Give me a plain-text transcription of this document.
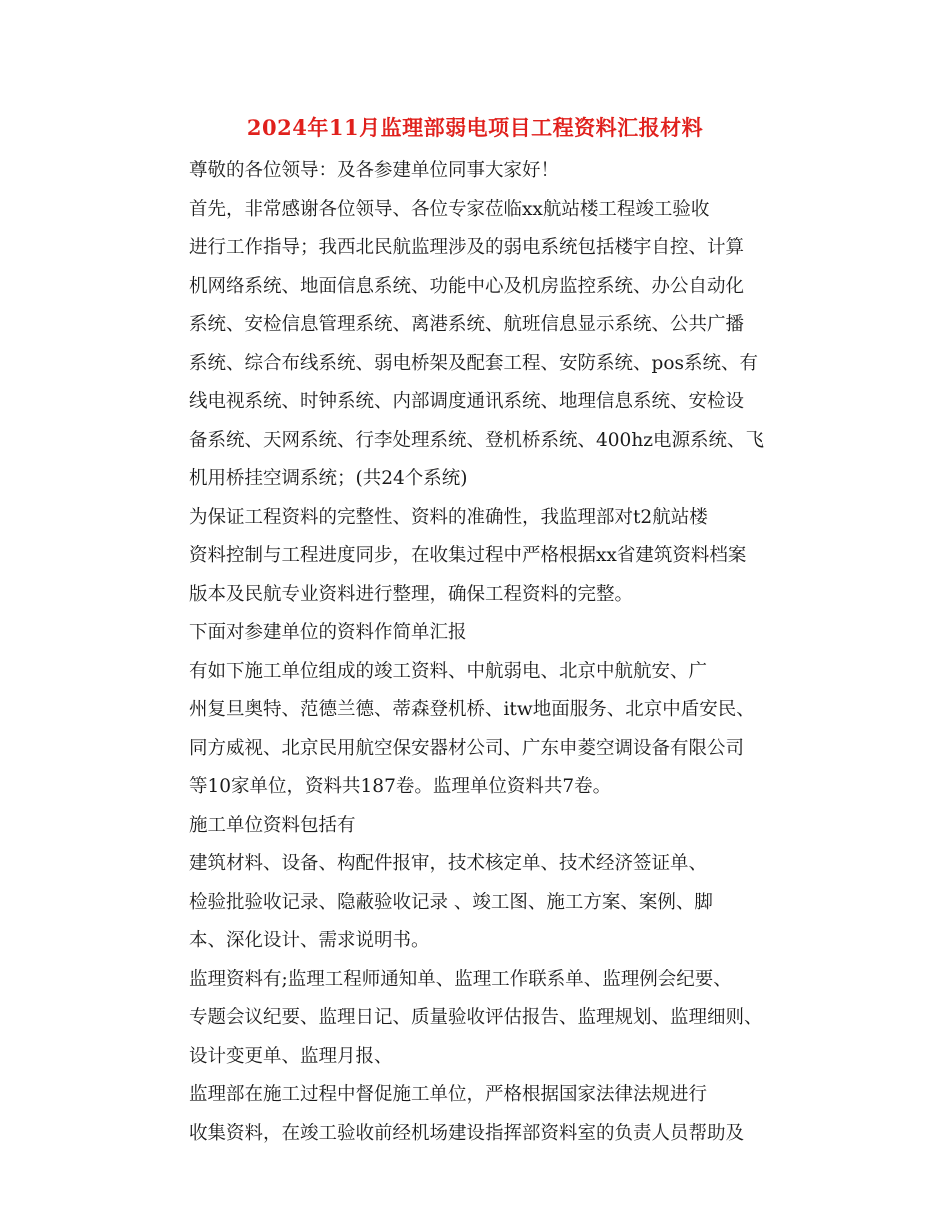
2024年11月监理部弱电项目工程资料汇报材料

尊敬的各位领导：及各参建单位同事大家好！

首先，非常感谢各位领导、各位专家莅临xx航站楼工程竣工验收
进行工作指导；我西北民航监理涉及的弱电系统包括楼宇自控、计算
机网络系统、地面信息系统、功能中心及机房监控系统、办公自动化
系统、安检信息管理系统、离港系统、航班信息显示系统、公共广播
系统、综合布线系统、弱电桥架及配套工程、安防系统、pos系统、有
线电视系统、时钟系统、内部调度通讯系统、地理信息系统、安检设
备系统、天网系统、行李处理系统、登机桥系统、400hz电源系统、飞
机用桥挂空调系统；(共24个系统)

为保证工程资料的完整性、资料的准确性，我监理部对t2航站楼
资料控制与工程进度同步，在收集过程中严格根据xx省建筑资料档案
版本及民航专业资料进行整理，确保工程资料的完整。

下面对参建单位的资料作简单汇报

有如下施工单位组成的竣工资料、中航弱电、北京中航航安、广
州复旦奥特、范德兰德、蒂森登机桥、itw地面服务、北京中盾安民、
同方威视、北京民用航空保安器材公司、广东申菱空调设备有限公司
等10家单位，资料共187卷。监理单位资料共7卷。

施工单位资料包括有

建筑材料、设备、构配件报审，技术核定单、技术经济签证单、

检验批验收记录、隐蔽验收记录 、竣工图、施工方案、案例、脚
本、深化设计、需求说明书。

监理资料有;监理工程师通知单、监理工作联系单、监理例会纪要、
专题会议纪要、监理日记、质量验收评估报告、监理规划、监理细则、
设计变更单、监理月报、

监理部在施工过程中督促施工单位，严格根据国家法律法规进行
收集资料，在竣工验收前经机场建设指挥部资料室的负责人员帮助及
